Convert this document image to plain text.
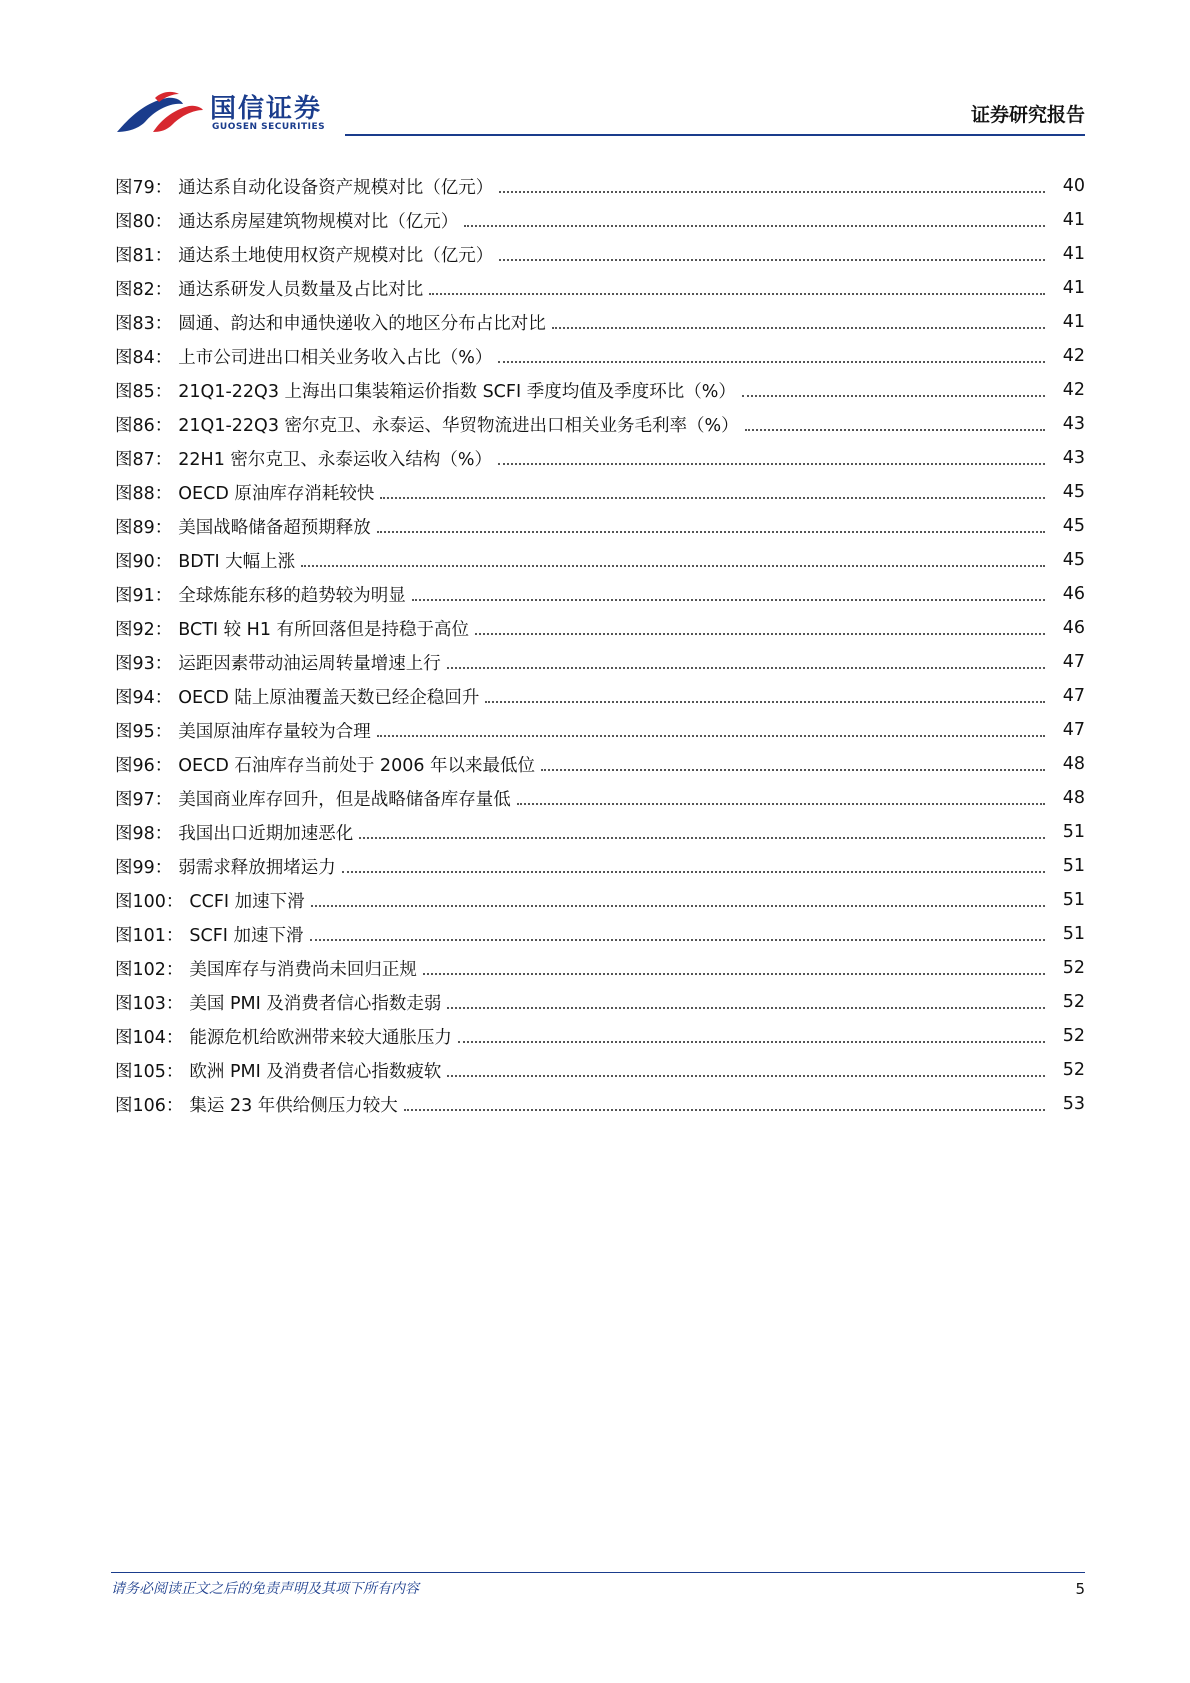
国信证券
GUOSEN SECURITIES
证券研究报告
图79： 通达系自动化设备资产规模对比（亿元）	40
图80： 通达系房屋建筑物规模对比（亿元）	41
图81： 通达系土地使用权资产规模对比（亿元）	41
图82： 通达系研发人员数量及占比对比	41
图83： 圆通、韵达和申通快递收入的地区分布占比对比	41
图84： 上市公司进出口相关业务收入占比（%）	42
图85： 21Q1-22Q3 上海出口集装箱运价指数 SCFI 季度均值及季度环比（%）	42
图86： 21Q1-22Q3 密尔克卫、永泰运、华贸物流进出口相关业务毛利率（%）	43
图87： 22H1 密尔克卫、永泰运收入结构（%）	43
图88： OECD 原油库存消耗较快	45
图89： 美国战略储备超预期释放	45
图90： BDTI 大幅上涨	45
图91： 全球炼能东移的趋势较为明显	46
图92： BCTI 较 H1 有所回落但是持稳于高位	46
图93： 运距因素带动油运周转量增速上行	47
图94： OECD 陆上原油覆盖天数已经企稳回升	47
图95： 美国原油库存量较为合理	47
图96： OECD 石油库存当前处于 2006 年以来最低位	48
图97： 美国商业库存回升，但是战略储备库存量低	48
图98： 我国出口近期加速恶化	51
图99： 弱需求释放拥堵运力	51
图100： CCFI 加速下滑	51
图101： SCFI 加速下滑	51
图102： 美国库存与消费尚未回归正规	52
图103： 美国 PMI 及消费者信心指数走弱	52
图104： 能源危机给欧洲带来较大通胀压力	52
图105： 欧洲 PMI 及消费者信心指数疲软	52
图106： 集运 23 年供给侧压力较大	53
请务必阅读正文之后的免责声明及其项下所有内容	5
